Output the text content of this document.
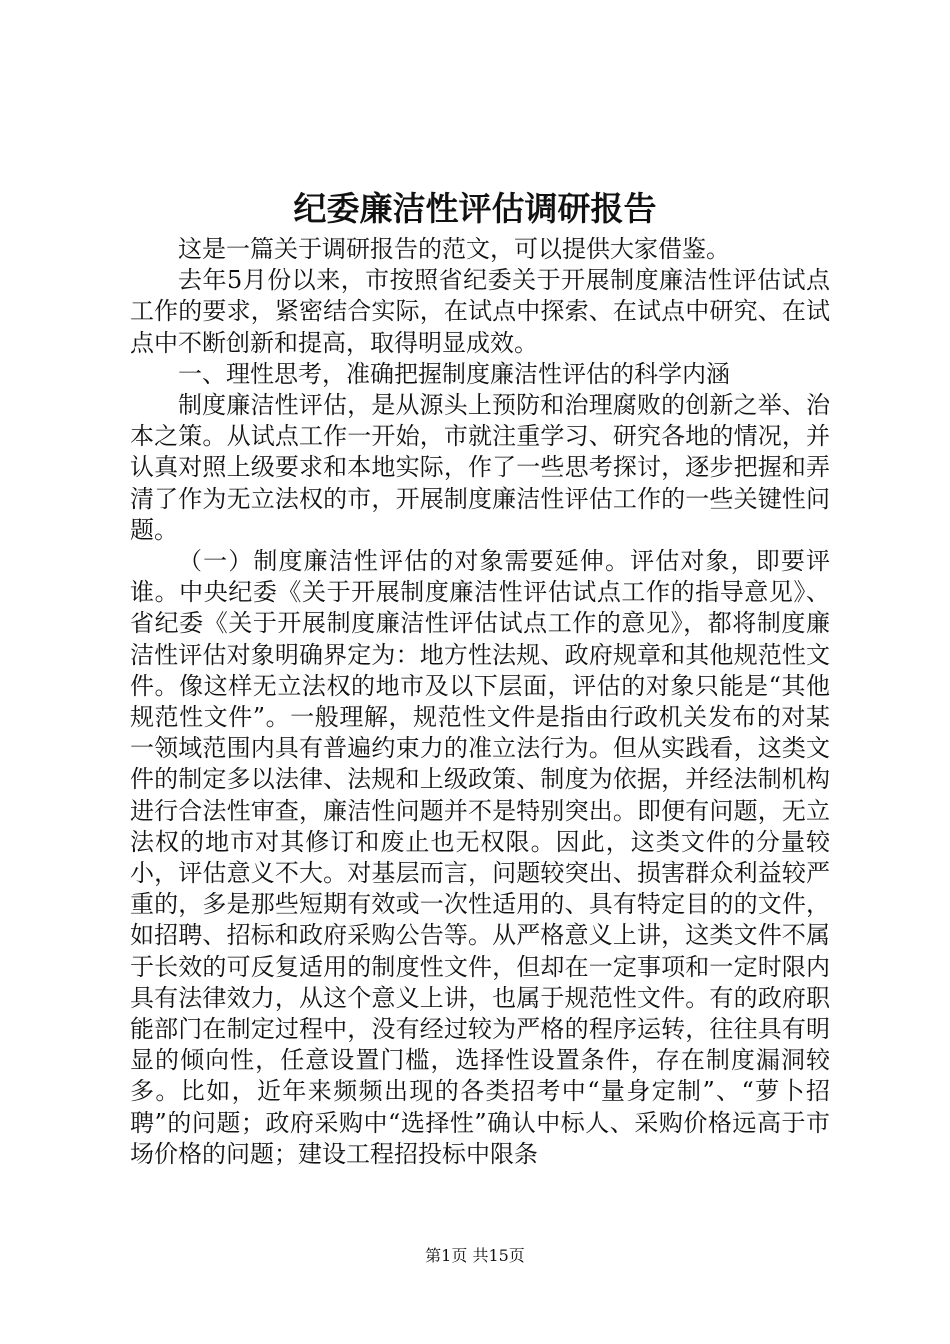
纪委廉洁性评估调研报告

这是一篇关于调研报告的范文，可以提供大家借鉴。

去年5月份以来，市按照省纪委关于开展制度廉洁性评估试点工作的要求，紧密结合实际，在试点中探索、在试点中研究、在试点中不断创新和提高，取得明显成效。

一、理性思考，准确把握制度廉洁性评估的科学内涵

制度廉洁性评估，是从源头上预防和治理腐败的创新之举、治本之策。从试点工作一开始，市就注重学习、研究各地的情况，并认真对照上级要求和本地实际，作了一些思考探讨，逐步把握和弄清了作为无立法权的市，开展制度廉洁性评估工作的一些关键性问题。

（一）制度廉洁性评估的对象需要延伸。评估对象，即要评谁。中央纪委《关于开展制度廉洁性评估试点工作的指导意见》、省纪委《关于开展制度廉洁性评估试点工作的意见》，都将制度廉洁性评估对象明确界定为：地方性法规、政府规章和其他规范性文件。像这样无立法权的地市及以下层面，评估的对象只能是“其他规范性文件”。一般理解，规范性文件是指由行政机关发布的对某一领域范围内具有普遍约束力的准立法行为。但从实践看，这类文件的制定多以法律、法规和上级政策、制度为依据，并经法制机构进行合法性审查，廉洁性问题并不是特别突出。即便有问题，无立法权的地市对其修订和废止也无权限。因此，这类文件的分量较小，评估意义不大。对基层而言，问题较突出、损害群众利益较严重的，多是那些短期有效或一次性适用的、具有特定目的的文件，如招聘、招标和政府采购公告等。从严格意义上讲，这类文件不属于长效的可反复适用的制度性文件，但却在一定事项和一定时限内具有法律效力，从这个意义上讲，也属于规范性文件。有的政府职能部门在制定过程中，没有经过较为严格的程序运转，往往具有明显的倾向性，任意设置门槛，选择性设置条件，存在制度漏洞较多。比如，近年来频频出现的各类招考中“量身定制”、“萝卜招聘”的问题；政府采购中“选择性”确认中标人、采购价格远高于市场价格的问题；建设工程招投标中限条

第1页 共15页
